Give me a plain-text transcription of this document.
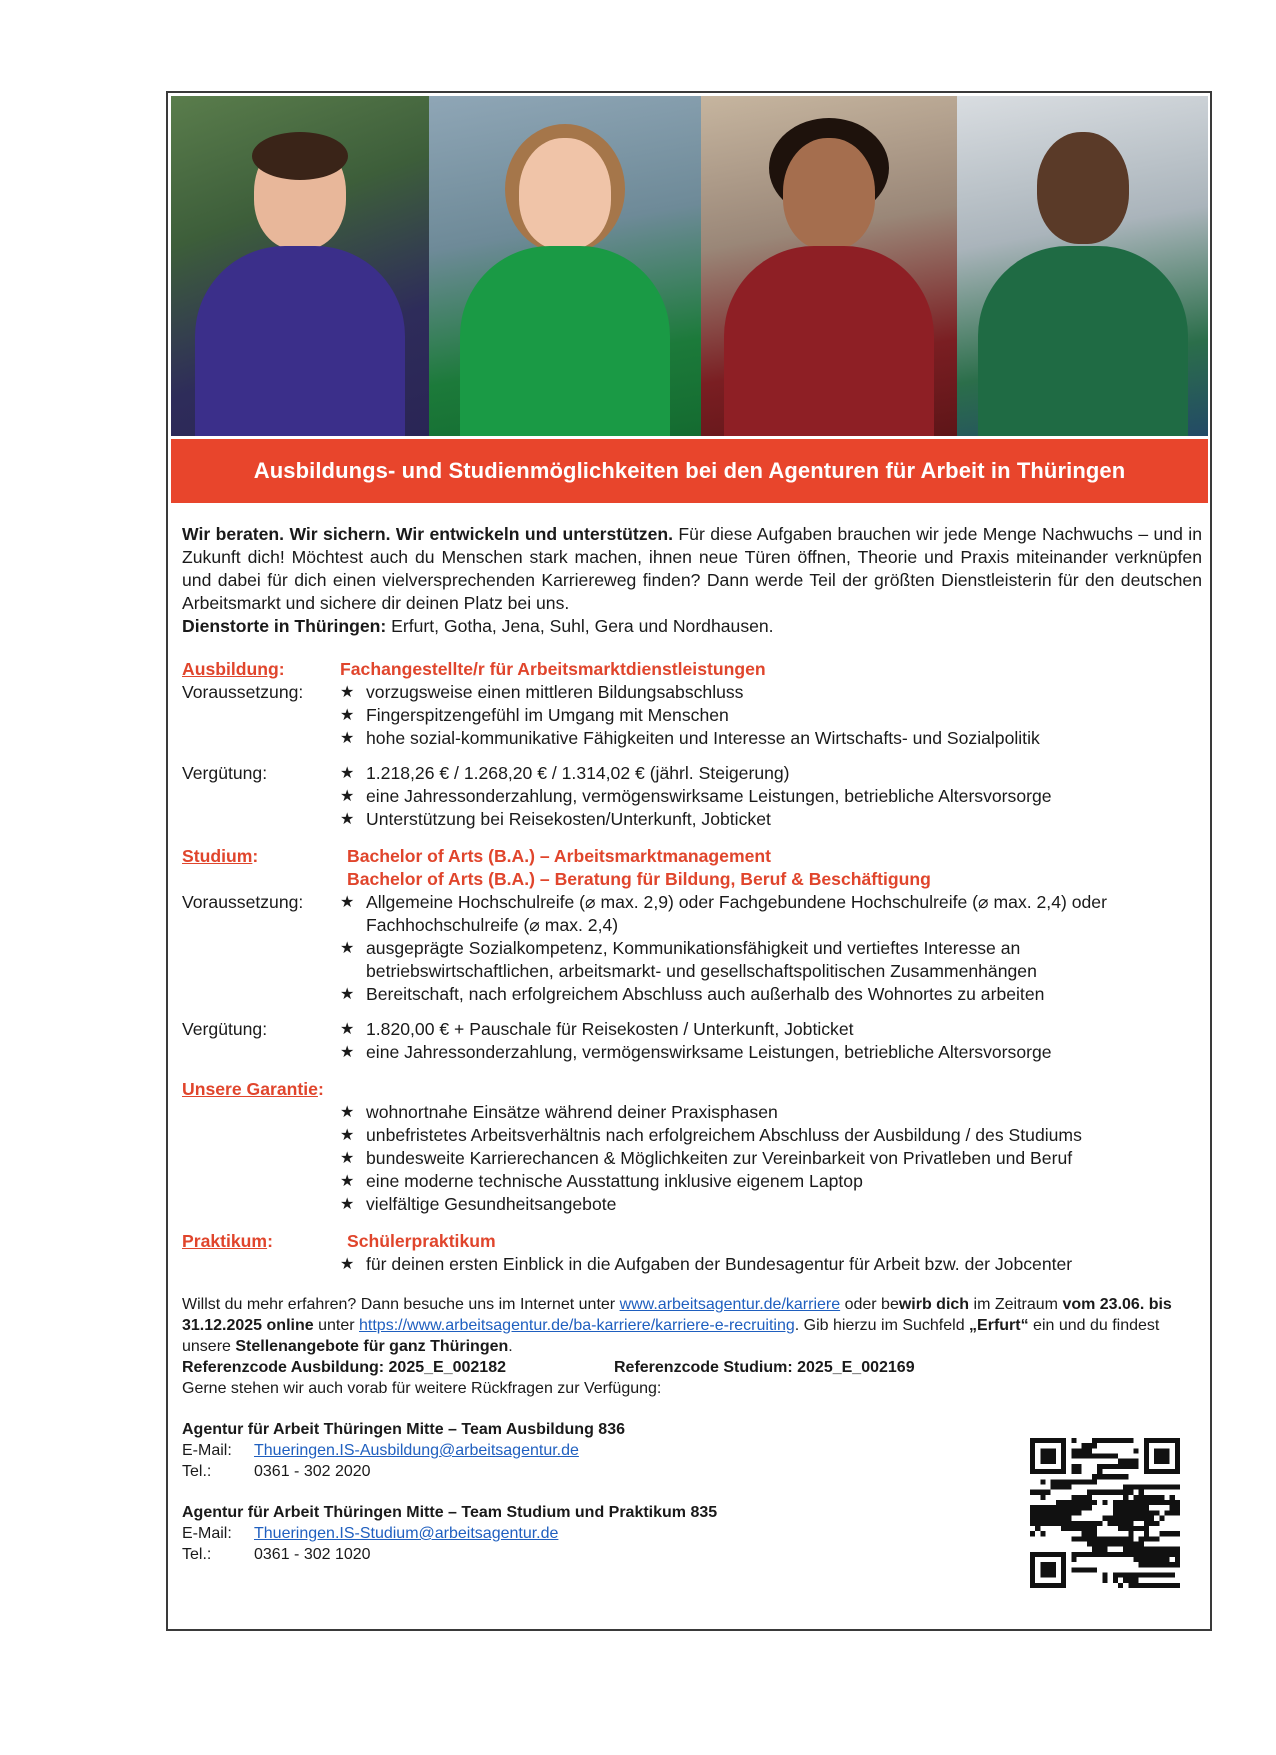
Ausbildungs- und Studienmöglichkeiten bei den Agenturen für Arbeit in Thüringen

Wir beraten. Wir sichern. Wir entwickeln und unterstützen. Für diese Aufgaben brauchen wir jede Menge Nachwuchs – und in Zukunft dich! Möchtest auch du Menschen stark machen, ihnen neue Türen öffnen, Theorie und Praxis miteinander verknüpfen und dabei für dich einen vielversprechenden Karriereweg finden? Dann werde Teil der größten Dienstleisterin für den deutschen Arbeitsmarkt und sichere dir deinen Platz bei uns.

Dienstorte in Thüringen: Erfurt, Gotha, Jena, Suhl, Gera und Nordhausen.

Ausbildung:	Fachangestellte/r für Arbeitsmarktdienstleistungen
Voraussetzung:	★ vorzugsweise einen mittleren Bildungsabschluss
★ Fingerspitzengefühl im Umgang mit Menschen
★ hohe sozial-kommunikative Fähigkeiten und Interesse an Wirtschafts- und Sozialpolitik
Vergütung:	★ 1.218,26 € / 1.268,20 € / 1.314,02 € (jährl. Steigerung)
★ eine Jahressonderzahlung, vermögenswirksame Leistungen, betriebliche Altersvorsorge
★ Unterstützung bei Reisekosten/Unterkunft, Jobticket
Studium:	Bachelor of Arts (B.A.) – Arbeitsmarktmanagement
Bachelor of Arts (B.A.) – Beratung für Bildung, Beruf & Beschäftigung
Voraussetzung:	★ Allgemeine Hochschulreife (⌀ max. 2,9) oder Fachgebundene Hochschulreife (⌀ max. 2,4) oder Fachhochschulreife (⌀ max. 2,4)
★ ausgeprägte Sozialkompetenz, Kommunikationsfähigkeit und vertieftes Interesse an betriebswirtschaftlichen, arbeitsmarkt- und gesellschaftspolitischen Zusammenhängen
★ Bereitschaft, nach erfolgreichem Abschluss auch außerhalb des Wohnortes zu arbeiten
Vergütung:	★ 1.820,00 € + Pauschale für Reisekosten / Unterkunft, Jobticket
★ eine Jahressonderzahlung, vermögenswirksame Leistungen, betriebliche Altersvorsorge
Unsere Garantie:
★ wohnortnahe Einsätze während deiner Praxisphasen
★ unbefristetes Arbeitsverhältnis nach erfolgreichem Abschluss der Ausbildung / des Studiums
★ bundesweite Karrierechancen & Möglichkeiten zur Vereinbarkeit von Privatleben und Beruf
★ eine moderne technische Ausstattung inklusive eigenem Laptop
★ vielfältige Gesundheitsangebote
Praktikum:	Schülerpraktikum
★ für deinen ersten Einblick in die Aufgaben der Bundesagentur für Arbeit bzw. der Jobcenter
Willst du mehr erfahren? Dann besuche uns im Internet unter www.arbeitsagentur.de/karriere oder bewirb dich im Zeitraum vom 23.06. bis 31.12.2025 online unter https://www.arbeitsagentur.de/ba-karriere/karriere-e-recruiting. Gib hierzu im Suchfeld „Erfurt“ ein und du findest unsere Stellenangebote für ganz Thüringen.
Referenzcode Ausbildung: 2025_E_002182	Referenzcode Studium: 2025_E_002169
Gerne stehen wir auch vorab für weitere Rückfragen zur Verfügung:
Agentur für Arbeit Thüringen Mitte – Team Ausbildung 836
E-Mail: Thueringen.IS-Ausbildung@arbeitsagentur.de
Tel.:	0361 - 302 2020
Agentur für Arbeit Thüringen Mitte – Team Studium und Praktikum 835
E-Mail: Thueringen.IS-Studium@arbeitsagentur.de
Tel.:	0361 - 302 1020
